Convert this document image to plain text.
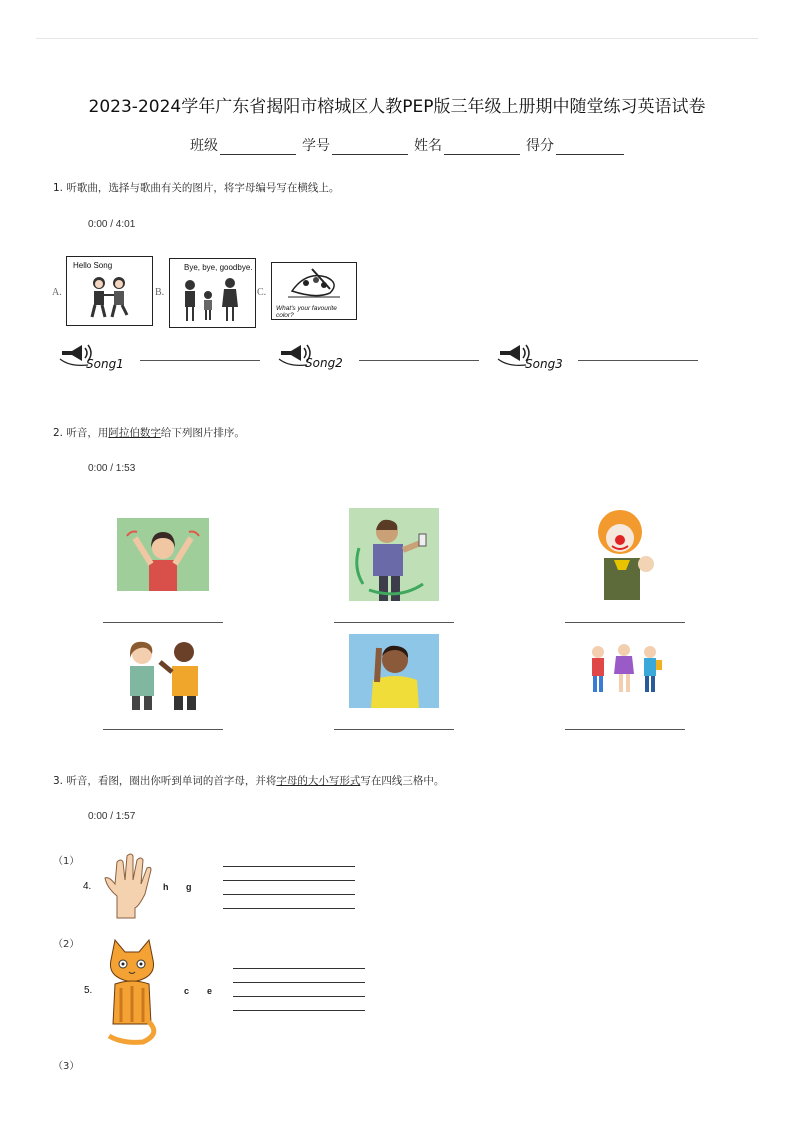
2023-2024学年广东省揭阳市榕城区人教PEP版三年级上册期中随堂练习英语试卷
班级	学号	姓名	得分
1. 听歌曲，选择与歌曲有关的图片，将字母编号写在横线上。
0:00 / 4:01
A.
Hello Song
B.
Bye, bye, goodbye.
C.
What's your favourite color?
Song1	Song2	Song3
2. 听音，用阿拉伯数字给下列图片排序。
0:00 / 1:53
3. 听音，看图，圈出你听到单词的首字母，并将字母的大小写形式写在四线三格中。
0:00 / 1:57
（1）
4.	h g
（2）
5.	c e
（3）
